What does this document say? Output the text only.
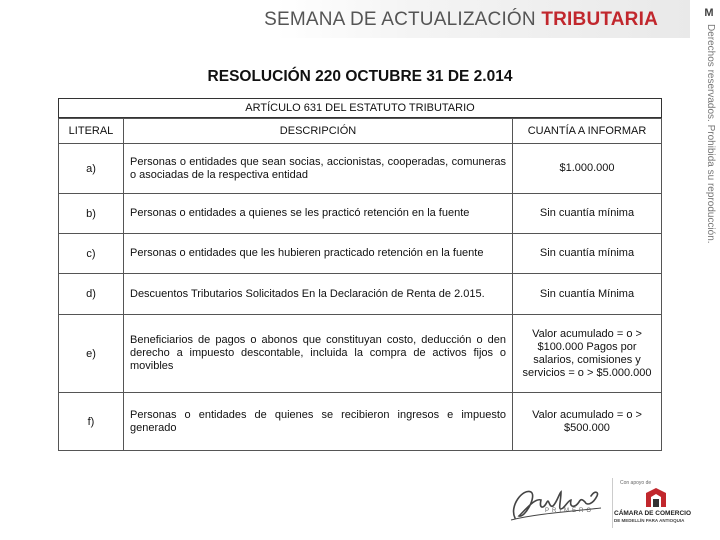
SEMANA DE ACTUALIZACIÓN TRIBUTARIA	M
Derechos reservados. Prohibida su reproducción.
RESOLUCIÓN 220 OCTUBRE 31 DE 2.014
ARTÍCULO 631 DEL ESTATUTO TRIBUTARIO
LITERAL	DESCRIPCIÓN	CUANTÍA A INFORMAR
a)	Personas o entidades que sean socias, accionistas, cooperadas, comuneras o asociadas de la respectiva entidad	$1.000.000
b)	Personas o entidades a quienes se les practicó retención en la fuente	Sin cuantía mínima
c)	Personas o entidades que les hubieren practicado retención en la fuente	Sin cuantía mínima
d)	Descuentos Tributarios Solicitados En la Declaración de Renta de 2.015.	Sin cuantía Mínima
e)	Beneficiarios de pagos o abonos que constituyan costo, deducción o den derecho a impuesto descontable, incluida la compra de activos fijos o movibles	Valor acumulado = o > $100.000 Pagos por salarios, comisiones y servicios = o > $5.000.000
f)	Personas o entidades de quienes se recibieron ingresos e impuesto generado	Valor acumulado = o > $500.000
PRIMERO
Con apoyo de
CÁMARA DE COMERCIO
DE MEDELLÍN PARA ANTIOQUIA
